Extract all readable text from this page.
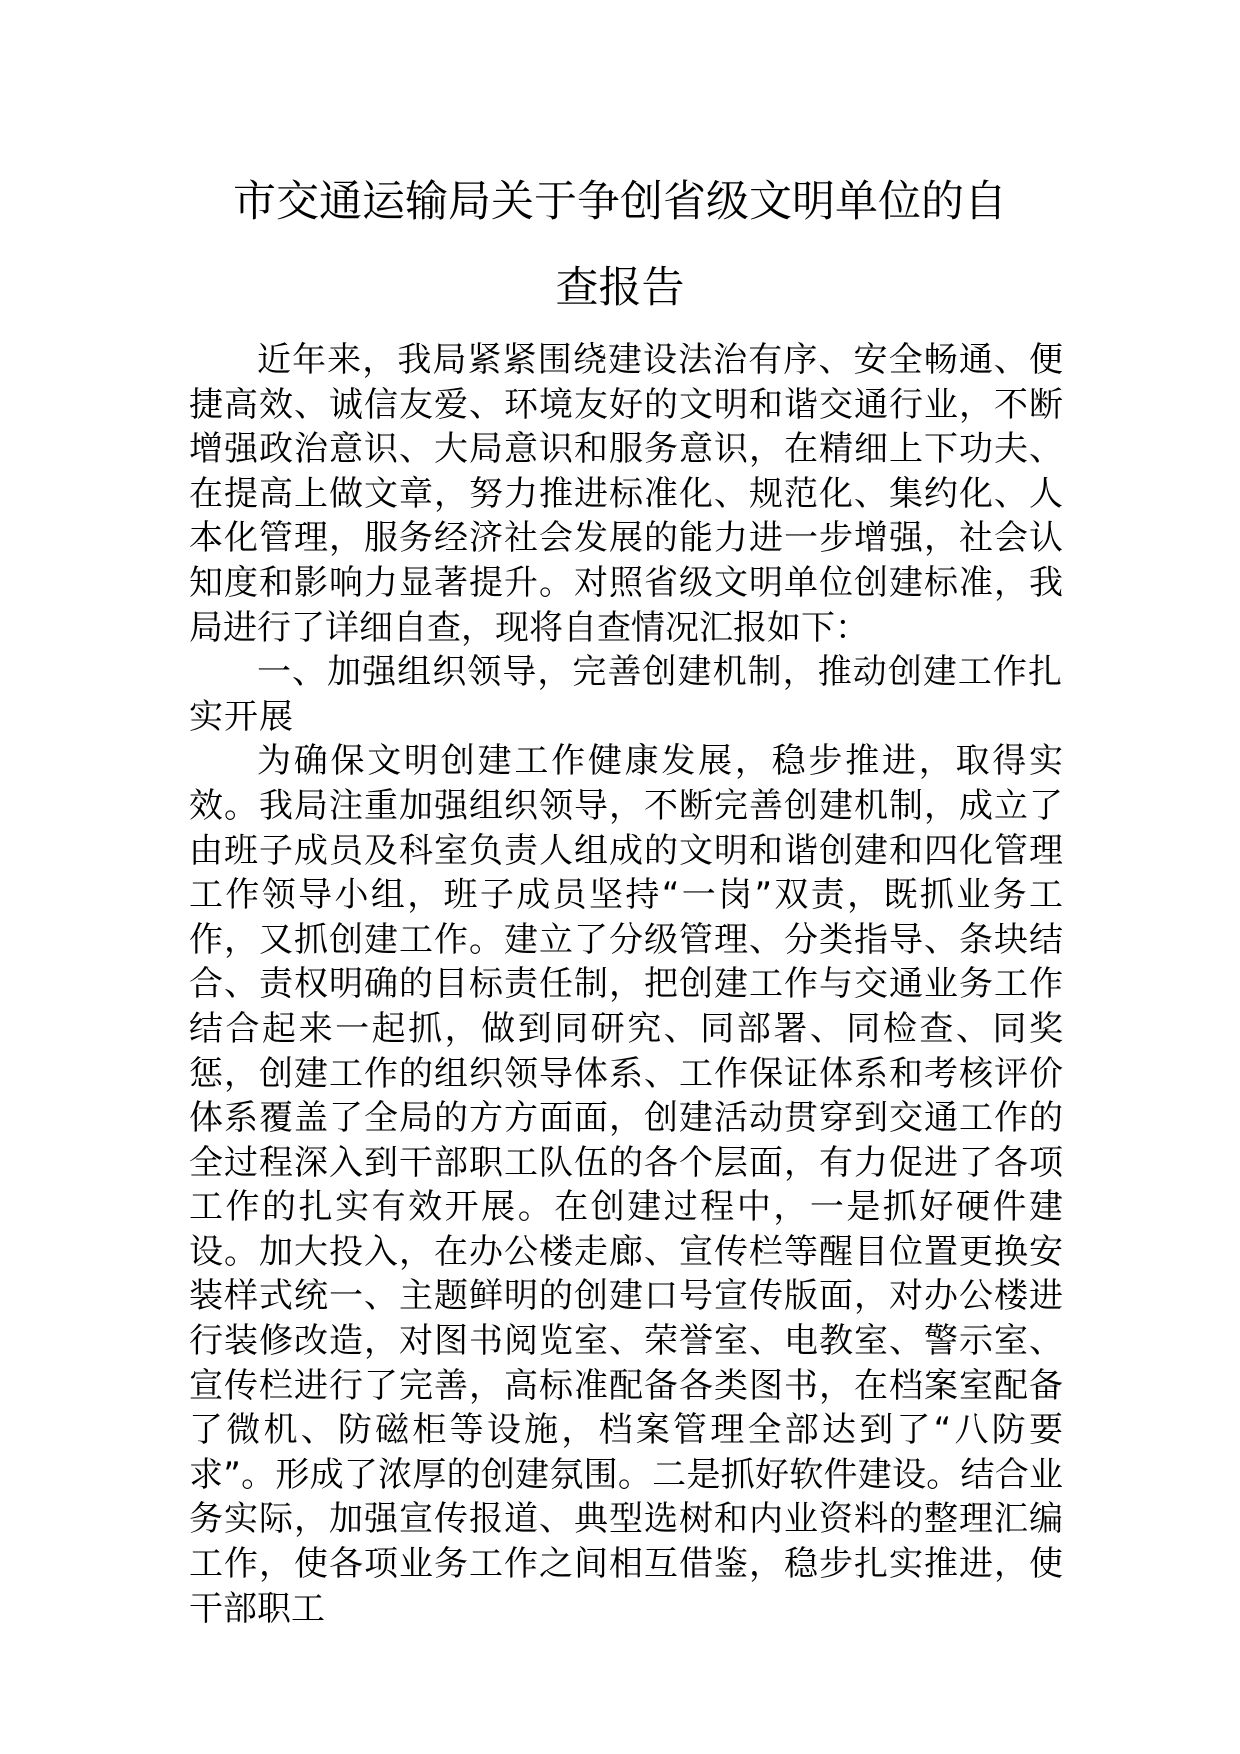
市交通运输局关于争创省级文明单位的自
查报告

近年来，我局紧紧围绕建设法治有序、安全畅通、便捷高效、诚信友爱、环境友好的文明和谐交通行业，不断增强政治意识、大局意识和服务意识，在精细上下功夫、在提高上做文章，努力推进标准化、规范化、集约化、人本化管理，服务经济社会发展的能力进一步增强，社会认知度和影响力显著提升。对照省级文明单位创建标准，我局进行了详细自查，现将自查情况汇报如下：

一、加强组织领导，完善创建机制，推动创建工作扎实开展

为确保文明创建工作健康发展，稳步推进，取得实效。我局注重加强组织领导，不断完善创建机制，成立了由班子成员及科室负责人组成的文明和谐创建和四化管理工作领导小组，班子成员坚持“一岗”双责，既抓业务工作，又抓创建工作。建立了分级管理、分类指导、条块结合、责权明确的目标责任制，把创建工作与交通业务工作结合起来一起抓，做到同研究、同部署、同检查、同奖惩，创建工作的组织领导体系、工作保证体系和考核评价体系覆盖了全局的方方面面，创建活动贯穿到交通工作的全过程深入到干部职工队伍的各个层面，有力促进了各项工作的扎实有效开展。在创建过程中，一是抓好硬件建设。加大投入，在办公楼走廊、宣传栏等醒目位置更换安装样式统一、主题鲜明的创建口号宣传版面，对办公楼进行装修改造，对图书阅览室、荣誉室、电教室、警示室、宣传栏进行了完善，高标准配备各类图书，在档案室配备了微机、防磁柜等设施，档案管理全部达到了“八防要求”。形成了浓厚的创建氛围。二是抓好软件建设。结合业务实际，加强宣传报道、典型选树和内业资料的整理汇编工作，使各项业务工作之间相互借鉴，稳步扎实推进，使干部职工
